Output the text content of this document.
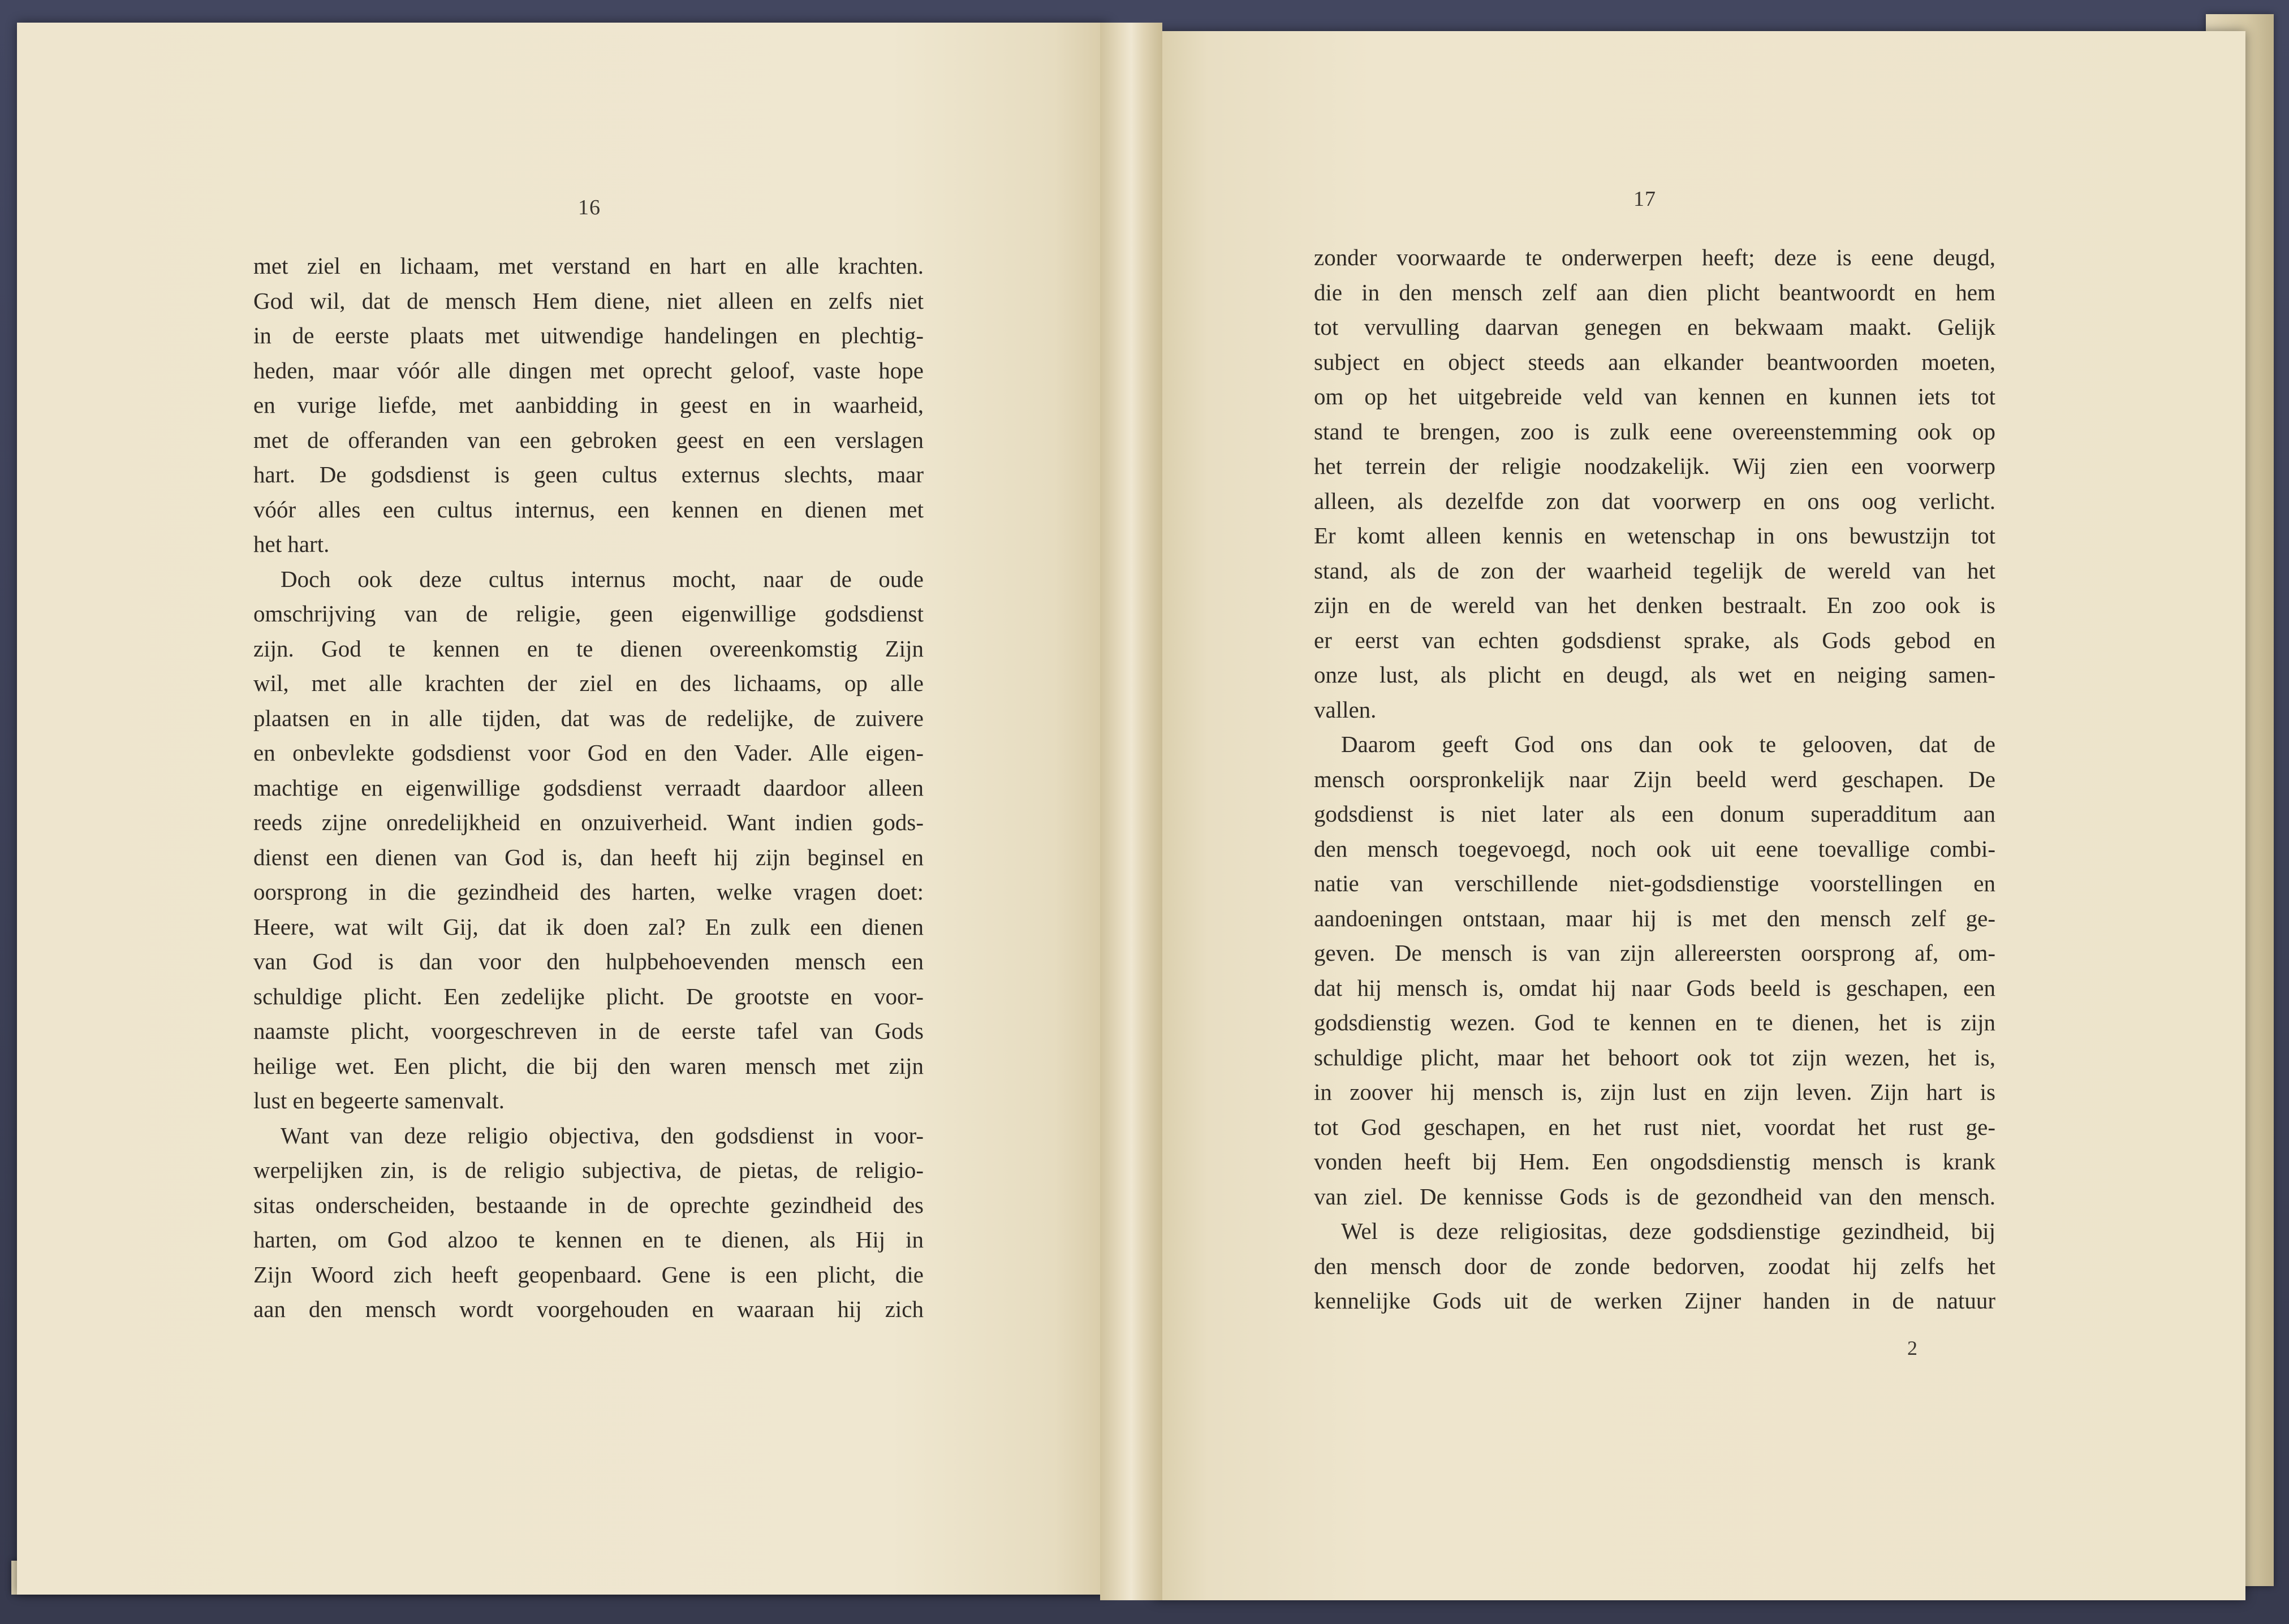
16
met ziel en lichaam, met verstand en hart en alle krachten.
God wil, dat de mensch Hem diene, niet alleen en zelfs niet
in de eerste plaats met uitwendige handelingen en plechtig-
heden, maar vóór alle dingen met oprecht geloof, vaste hope
en vurige liefde, met aanbidding in geest en in waarheid,
met de offeranden van een gebroken geest en een verslagen
hart. De godsdienst is geen cultus externus slechts, maar
vóór alles een cultus internus, een kennen en dienen met
het hart.
Doch ook deze cultus internus mocht, naar de oude
omschrijving van de religie, geen eigenwillige godsdienst
zijn. God te kennen en te dienen overeenkomstig Zijn
wil, met alle krachten der ziel en des lichaams, op alle
plaatsen en in alle tijden, dat was de redelijke, de zuivere
en onbevlekte godsdienst voor God en den Vader. Alle eigen-
machtige en eigenwillige godsdienst verraadt daardoor alleen
reeds zijne onredelijkheid en onzuiverheid. Want indien gods-
dienst een dienen van God is, dan heeft hij zijn beginsel en
oorsprong in die gezindheid des harten, welke vragen doet:
Heere, wat wilt Gij, dat ik doen zal? En zulk een dienen
van God is dan voor den hulpbehoevenden mensch een
schuldige plicht. Een zedelijke plicht. De grootste en voor-
naamste plicht, voorgeschreven in de eerste tafel van Gods
heilige wet. Een plicht, die bij den waren mensch met zijn
lust en begeerte samenvalt.
Want van deze religio objectiva, den godsdienst in voor-
werpelijken zin, is de religio subjectiva, de pietas, de religio-
sitas onderscheiden, bestaande in de oprechte gezindheid des
harten, om God alzoo te kennen en te dienen, als Hij in
Zijn Woord zich heeft geopenbaard. Gene is een plicht, die
aan den mensch wordt voorgehouden en waaraan hij zich
17
zonder voorwaarde te onderwerpen heeft; deze is eene deugd,
die in den mensch zelf aan dien plicht beantwoordt en hem
tot vervulling daarvan genegen en bekwaam maakt. Gelijk
subject en object steeds aan elkander beantwoorden moeten,
om op het uitgebreide veld van kennen en kunnen iets tot
stand te brengen, zoo is zulk eene overeenstemming ook op
het terrein der religie noodzakelijk. Wij zien een voorwerp
alleen, als dezelfde zon dat voorwerp en ons oog verlicht.
Er komt alleen kennis en wetenschap in ons bewustzijn tot
stand, als de zon der waarheid tegelijk de wereld van het
zijn en de wereld van het denken bestraalt. En zoo ook is
er eerst van echten godsdienst sprake, als Gods gebod en
onze lust, als plicht en deugd, als wet en neiging samen-
vallen.
Daarom geeft God ons dan ook te gelooven, dat de
mensch oorspronkelijk naar Zijn beeld werd geschapen. De
godsdienst is niet later als een donum superadditum aan
den mensch toegevoegd, noch ook uit eene toevallige combi-
natie van verschillende niet-godsdienstige voorstellingen en
aandoeningen ontstaan, maar hij is met den mensch zelf ge-
geven. De mensch is van zijn allereersten oorsprong af, om-
dat hij mensch is, omdat hij naar Gods beeld is geschapen, een
godsdienstig wezen. God te kennen en te dienen, het is zijn
schuldige plicht, maar het behoort ook tot zijn wezen, het is,
in zoover hij mensch is, zijn lust en zijn leven. Zijn hart is
tot God geschapen, en het rust niet, voordat het rust ge-
vonden heeft bij Hem. Een ongodsdienstig mensch is krank
van ziel. De kennisse Gods is de gezondheid van den mensch.
Wel is deze religiositas, deze godsdienstige gezindheid, bij
den mensch door de zonde bedorven, zoodat hij zelfs het
kennelijke Gods uit de werken Zijner handen in de natuur
2
